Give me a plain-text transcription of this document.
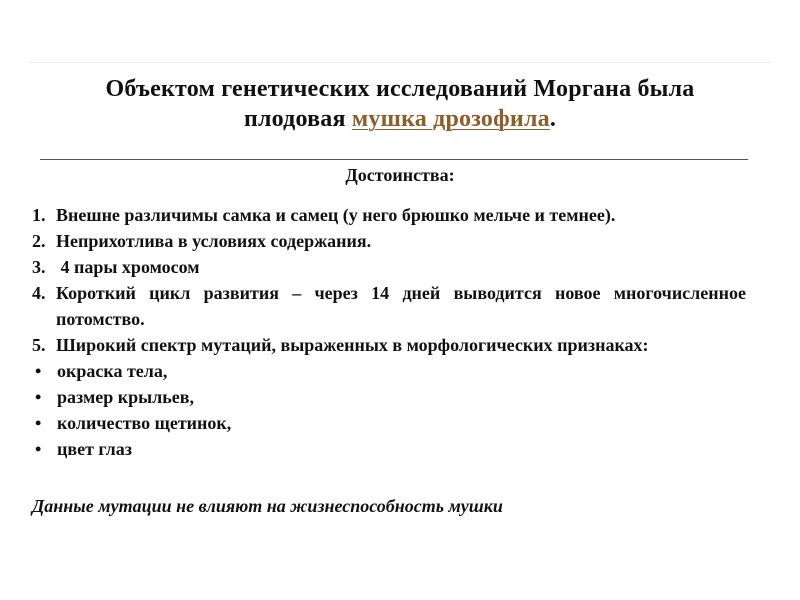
Объектом генетических исследований Моргана была
плодовая мушка дрозофила.
Достоинства:
1. Внешне различимы самка и самец (у него брюшко мельче и темнее).
2. Неприхотлива в условиях содержания.
3. 4 пары хромосом
4. Короткий цикл развития – через 14 дней выводится новое многочисленное потомство.
5. Широкий спектр мутаций, выраженных в морфологических признаках:
• окраска тела,
• размер крыльев,
• количество щетинок,
• цвет глаз
Данные мутации не влияют на жизнеспособность мушки
